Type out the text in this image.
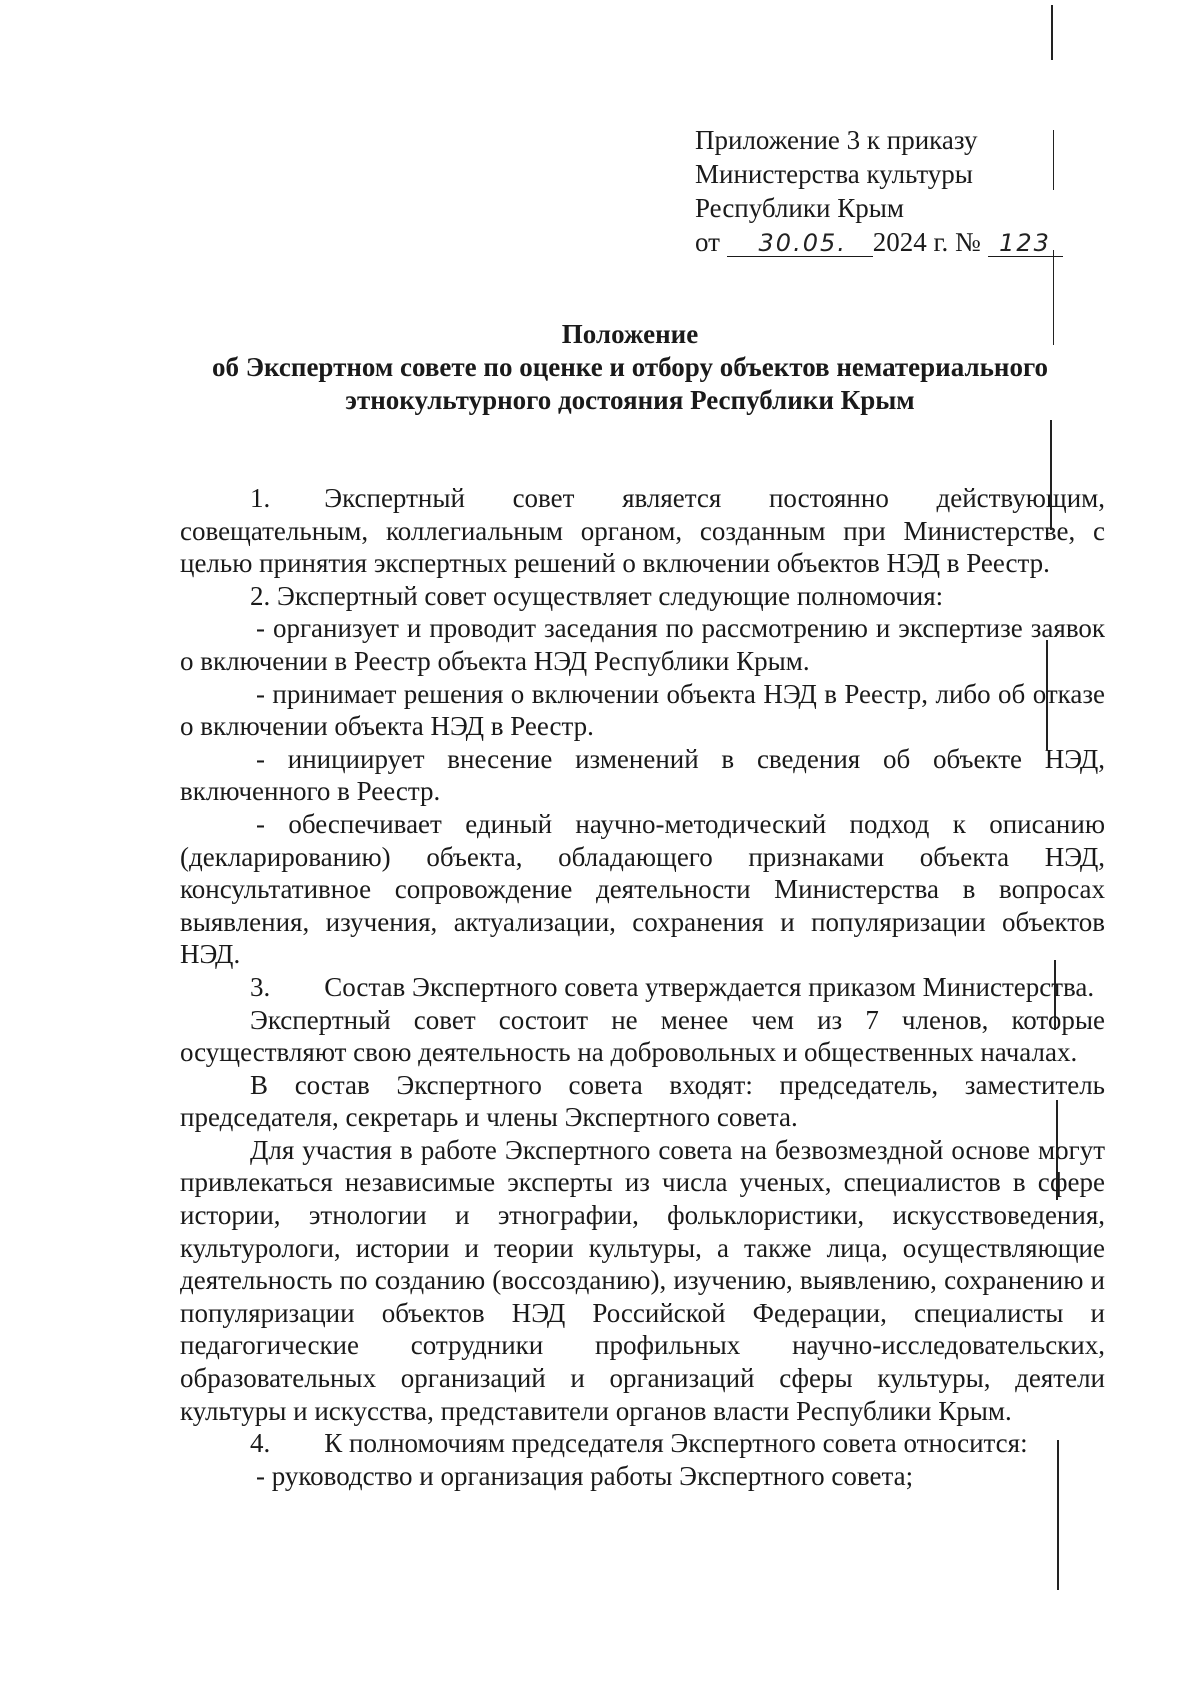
Приложение 3 к приказу
Министерства культуры
Республики Крым
от 30.05. 2024 г. № 123
Положение
об Экспертном совете по оценке и отбору объектов нематериального
этнокультурного достояния Республики Крым

1.  Экспертный совет является постоянно действующим, совещательным, коллегиальным органом, созданным при Министерстве, с целью принятия экспертных решений о включении объектов НЭД в Реестр.

2. Экспертный совет осуществляет следующие полномочия:

- организует и проводит заседания по рассмотрению и экспертизе заявок о включении в Реестр объекта НЭД Республики Крым.

- принимает решения о включении объекта НЭД в Реестр, либо об отказе о включении объекта НЭД в Реестр.

- инициирует внесение изменений в сведения об объекте НЭД, включенного в Реестр.

- обеспечивает единый научно-методический подход к описанию (декларированию) объекта, обладающего признаками объекта НЭД, консультативное сопровождение деятельности Министерства в вопросах выявления, изучения, актуализации, сохранения и популяризации объектов НЭД.

3.  Состав Экспертного совета утверждается приказом Министерства.

Экспертный совет состоит не менее чем из 7 членов, которые осуществляют свою деятельность на добровольных и общественных началах.

В состав Экспертного совета входят: председатель, заместитель председателя, секретарь и члены Экспертного совета.

Для участия в работе Экспертного совета на безвозмездной основе могут привлекаться независимые эксперты из числа ученых, специалистов в сфере истории, этнологии и этнографии, фольклористики, искусствоведения, культурологи, истории и теории культуры, а также лица, осуществляющие деятельность по созданию (воссозданию), изучению, выявлению, сохранению и популяризации объектов НЭД Российской Федерации, специалисты и педагогические сотрудники профильных научно-исследовательских, образовательных организаций и организаций сферы культуры, деятели культуры и искусства, представители органов власти Республики Крым.

4.  К полномочиям председателя Экспертного совета относится:

- руководство и организация работы Экспертного совета;
